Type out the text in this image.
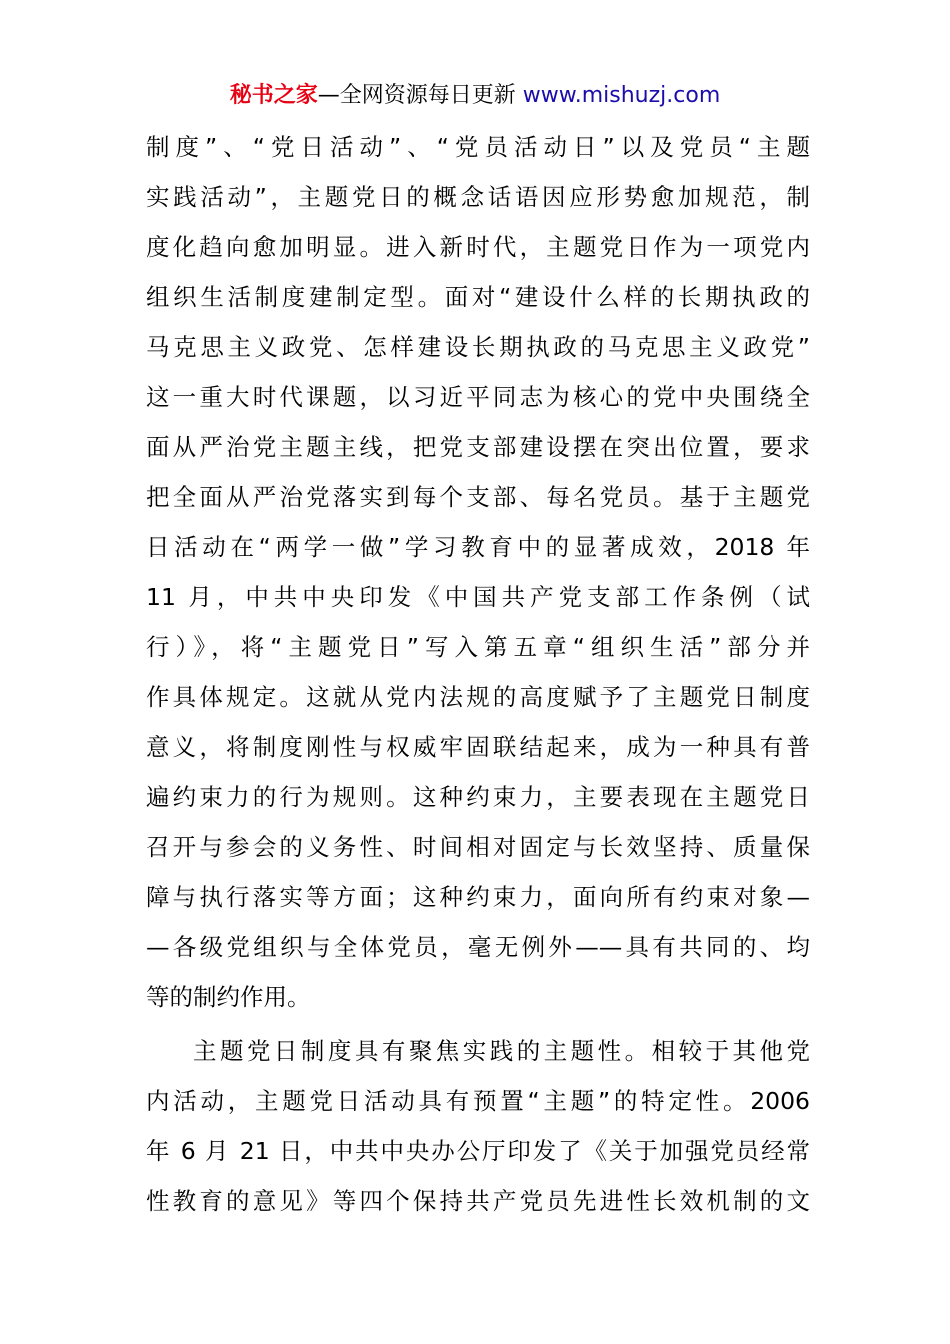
秘书之家—全网资源每日更新 www.mishuzj.com
制度”、“党日活动”、“党员活动日”以及党员“主题
实践活动”，主题党日的概念话语因应形势愈加规范，制
度化趋向愈加明显。进入新时代，主题党日作为一项党内
组织生活制度建制定型。面对“建设什么样的长期执政的
马克思主义政党、怎样建设长期执政的马克思主义政党”
这一重大时代课题，以习近平同志为核心的党中央围绕全
面从严治党主题主线，把党支部建设摆在突出位置，要求
把全面从严治党落实到每个支部、每名党员。基于主题党
日活动在“两学一做”学习教育中的显著成效，2018 年
11 月，中共中央印发《中国共产党支部工作条例（试
行）》，将“主题党日”写入第五章“组织生活”部分并
作具体规定。这就从党内法规的高度赋予了主题党日制度
意义，将制度刚性与权威牢固联结起来，成为一种具有普
遍约束力的行为规则。这种约束力，主要表现在主题党日
召开与参会的义务性、时间相对固定与长效坚持、质量保
障与执行落实等方面；这种约束力，面向所有约束对象—
—各级党组织与全体党员，毫无例外——具有共同的、均
等的制约作用。
主题党日制度具有聚焦实践的主题性。相较于其他党
内活动，主题党日活动具有预置“主题”的特定性。2006
年 6 月 21 日，中共中央办公厅印发了《关于加强党员经常
性教育的意见》等四个保持共产党员先进性长效机制的文
